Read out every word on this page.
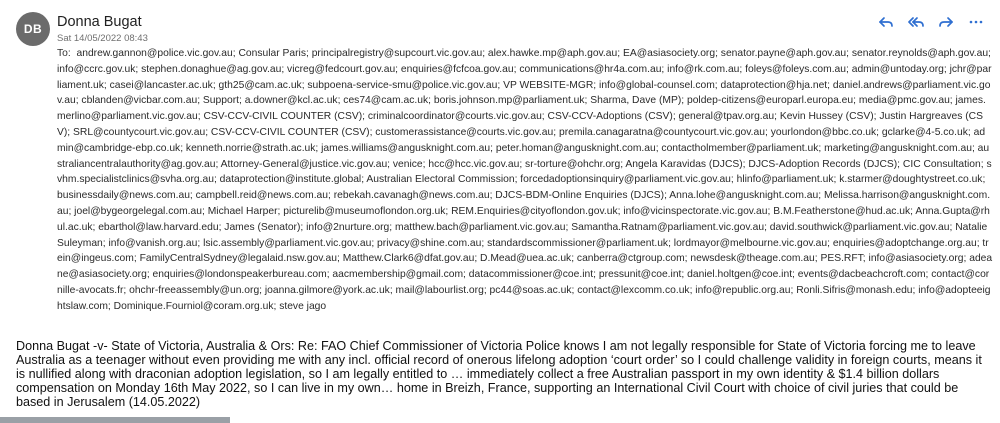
DB	Donna Bugat
Sat 14/05/2022 08:43
To: andrew.gannon@police.vic.gov.au; Consular Paris; principalregistry@supcourt.vic.gov.au; alex.hawke.mp@aph.gov.au; EA@asiasociety.org; senator.payne@aph.gov.au; senator.reynolds@aph.gov.au; info@ccrc.gov.uk; stephen.donaghue@ag.gov.au; vicreg@fedcourt.gov.au; enquiries@fcfcoa.gov.au; communications@hr4a.com.au; info@rk.com.au; foleys@foleys.com.au; admin@untoday.org; jchr@parliament.uk; casei@lancaster.ac.uk; gth25@cam.ac.uk; subpoena-service-smu@police.vic.gov.au; VP WEBSITE-MGR; info@global-counsel.com; dataprotection@hja.net; daniel.andrews@parliament.vic.gov.au; cblanden@vicbar.com.au; Support; a.downer@kcl.ac.uk; ces74@cam.ac.uk; boris.johnson.mp@parliament.uk; Sharma, Dave (MP); poldep-citizens@europarl.europa.eu; media@pmc.gov.au; james.merlino@parliament.vic.gov.au; CSV-CCV-CIVIL COUNTER (CSV); criminalcoordinator@courts.vic.gov.au; CSV-CCV-Adoptions (CSV); general@tpav.org.au; Kevin Hussey (CSV); Justin Hargreaves (CSV); SRL@countycourt.vic.gov.au; CSV-CCV-CIVIL COUNTER (CSV); customerassistance@courts.vic.gov.au; premila.canagaratna@countycourt.vic.gov.au; yourlondon@bbc.co.uk; gclarke@4-5.co.uk; admin@cambridge-ebp.co.uk; kenneth.norrie@strath.ac.uk; james.williams@angusknight.com.au; peter.homan@angusknight.com.au; contactholmember@parliament.uk; marketing@angusknight.com.au; australiancentralauthority@ag.gov.au; Attorney-General@justice.vic.gov.au; venice; hcc@hcc.vic.gov.au; sr-torture@ohchr.org; Angela Karavidas (DJCS); DJCS-Adoption Records (DJCS); CIC Consultation; svhm.specialistclinics@svha.org.au; dataprotection@institute.global; Australian Electoral Commission; forcedadoptionsinquiry@parliament.vic.gov.au; hlinfo@parliament.uk; k.starmer@doughtystreet.co.uk; businessdaily@news.com.au; campbell.reid@news.com.au; rebekah.cavanagh@news.com.au; DJCS-BDM-Online Enquiries (DJCS); Anna.lohe@angusknight.com.au; Melissa.harrison@angusknight.com.au; joel@bygeorgelegal.com.au; Michael Harper; picturelib@museumoflondon.org.uk; REM.Enquiries@cityoflondon.gov.uk; info@vicinspectorate.vic.gov.au; B.M.Featherstone@hud.ac.uk; Anna.Gupta@rhul.ac.uk; ebarthol@law.harvard.edu; James (Senator); info@2nurture.org; matthew.bach@parliament.vic.gov.au; Samantha.Ratnam@parliament.vic.gov.au; david.southwick@parliament.vic.gov.au; Natalie Suleyman; info@vanish.org.au; lsic.assembly@parliament.vic.gov.au; privacy@shine.com.au; standardscommissioner@parliament.uk; lordmayor@melbourne.vic.gov.au; enquiries@adoptchange.org.au; trein@ingeus.com; FamilyCentralSydney@legalaid.nsw.gov.au; Matthew.Clark6@dfat.gov.au; D.Mead@uea.ac.uk; canberra@ctgroup.com; newsdesk@theage.com.au; PES.RFT; info@asiasociety.org; adeane@asiasociety.org; enquiries@londonspeakerbureau.com; aacmembership@gmail.com; datacommissioner@coe.int; pressunit@coe.int; daniel.holtgen@coe.int; events@dacbeachcroft.com; contact@cornille-avocats.fr; ohchr-freeassembly@un.org; joanna.gilmore@york.ac.uk; mail@labourlist.org; pc44@soas.ac.uk; contact@lexcomm.co.uk; info@republic.org.au; Ronli.Sifris@monash.edu; info@adopteeightslaw.com; Dominique.Fourniol@coram.org.uk; steve jago
Donna Bugat -v- State of Victoria, Australia & Ors: Re: FAO Chief Commissioner of Victoria Police knows I am not legally responsible for State of Victoria forcing me to leave Australia as a teenager without even providing me with any incl. official record of onerous lifelong adoption ‘court order’ so I could challenge validity in foreign courts, means it is nullified along with draconian adoption legislation, so I am legally entitled to … immediately collect a free Australian passport in my own identity & $1.4 billion dollars compensation on Monday 16th May 2022, so I can live in my own… home in Breizh, France, supporting an International Civil Court with choice of civil juries that could be based in Jerusalem (14.05.2022)
